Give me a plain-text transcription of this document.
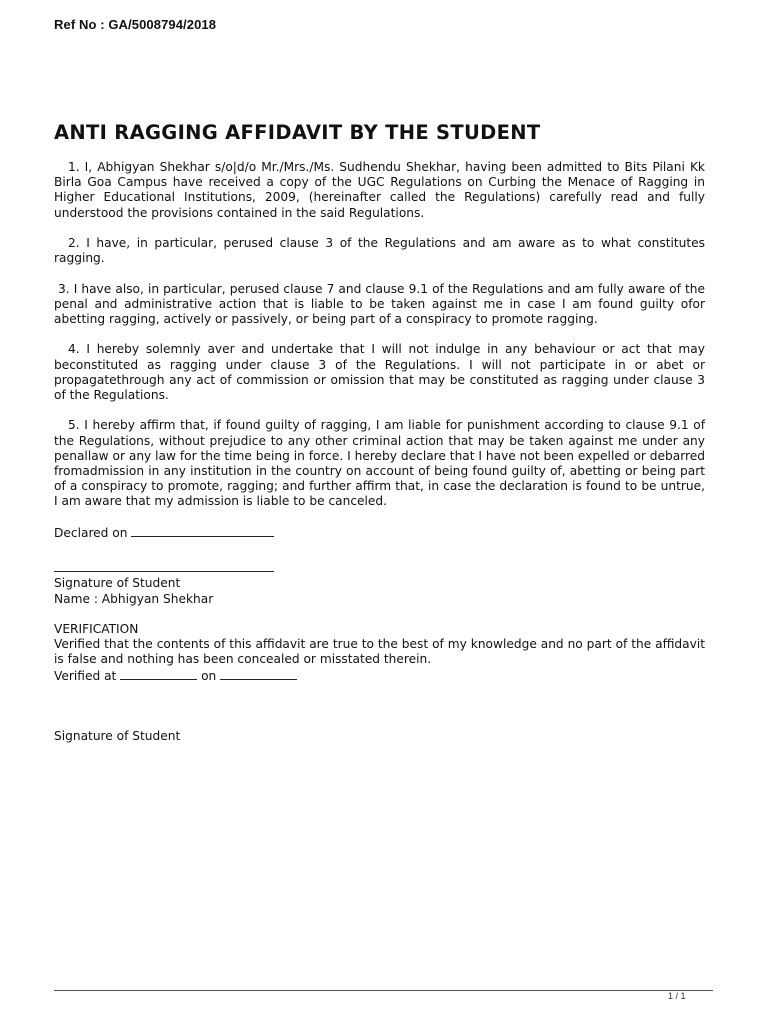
Ref No : GA/5008794/2018
ANTI RAGGING AFFIDAVIT BY THE STUDENT

1. I, Abhigyan Shekhar s/o|d/o Mr./Mrs./Ms. Sudhendu Shekhar, having been admitted to Bits Pilani Kk Birla Goa Campus have received a copy of the UGC Regulations on Curbing the Menace of Ragging in Higher Educational Institutions, 2009, (hereinafter called the Regulations) carefully read and fully understood the provisions contained in the said Regulations.

2. I have, in particular, perused clause 3 of the Regulations and am aware as to what constitutes ragging.

3. I have also, in particular, perused clause 7 and clause 9.1 of the Regulations and am fully aware of the penal and administrative action that is liable to be taken against me in case I am found guilty ofor abetting ragging, actively or passively, or being part of a conspiracy to promote ragging.

4. I hereby solemnly aver and undertake that I will not indulge in any behaviour or act that may beconstituted as ragging under clause 3 of the Regulations. I will not participate in or abet or propagatethrough any act of commission or omission that may be constituted as ragging under clause 3 of the Regulations.

5. I hereby affirm that, if found guilty of ragging, I am liable for punishment according to clause 9.1 of the Regulations, without prejudice to any other criminal action that may be taken against me under any penallaw or any law for the time being in force. I hereby declare that I have not been expelled or debarred fromadmission in any institution in the country on account of being found guilty of, abetting or being part of a conspiracy to promote, ragging; and further affirm that, in case the declaration is found to be untrue, I am aware that my admission is liable to be canceled.

Declared on

Signature of Student

Name : Abhigyan Shekhar

VERIFICATION

Verified that the contents of this affidavit are true to the best of my knowledge and no part of the affidavit is false and nothing has been concealed or misstated therein.

Verified at	on

Signature of Student

1 / 1
